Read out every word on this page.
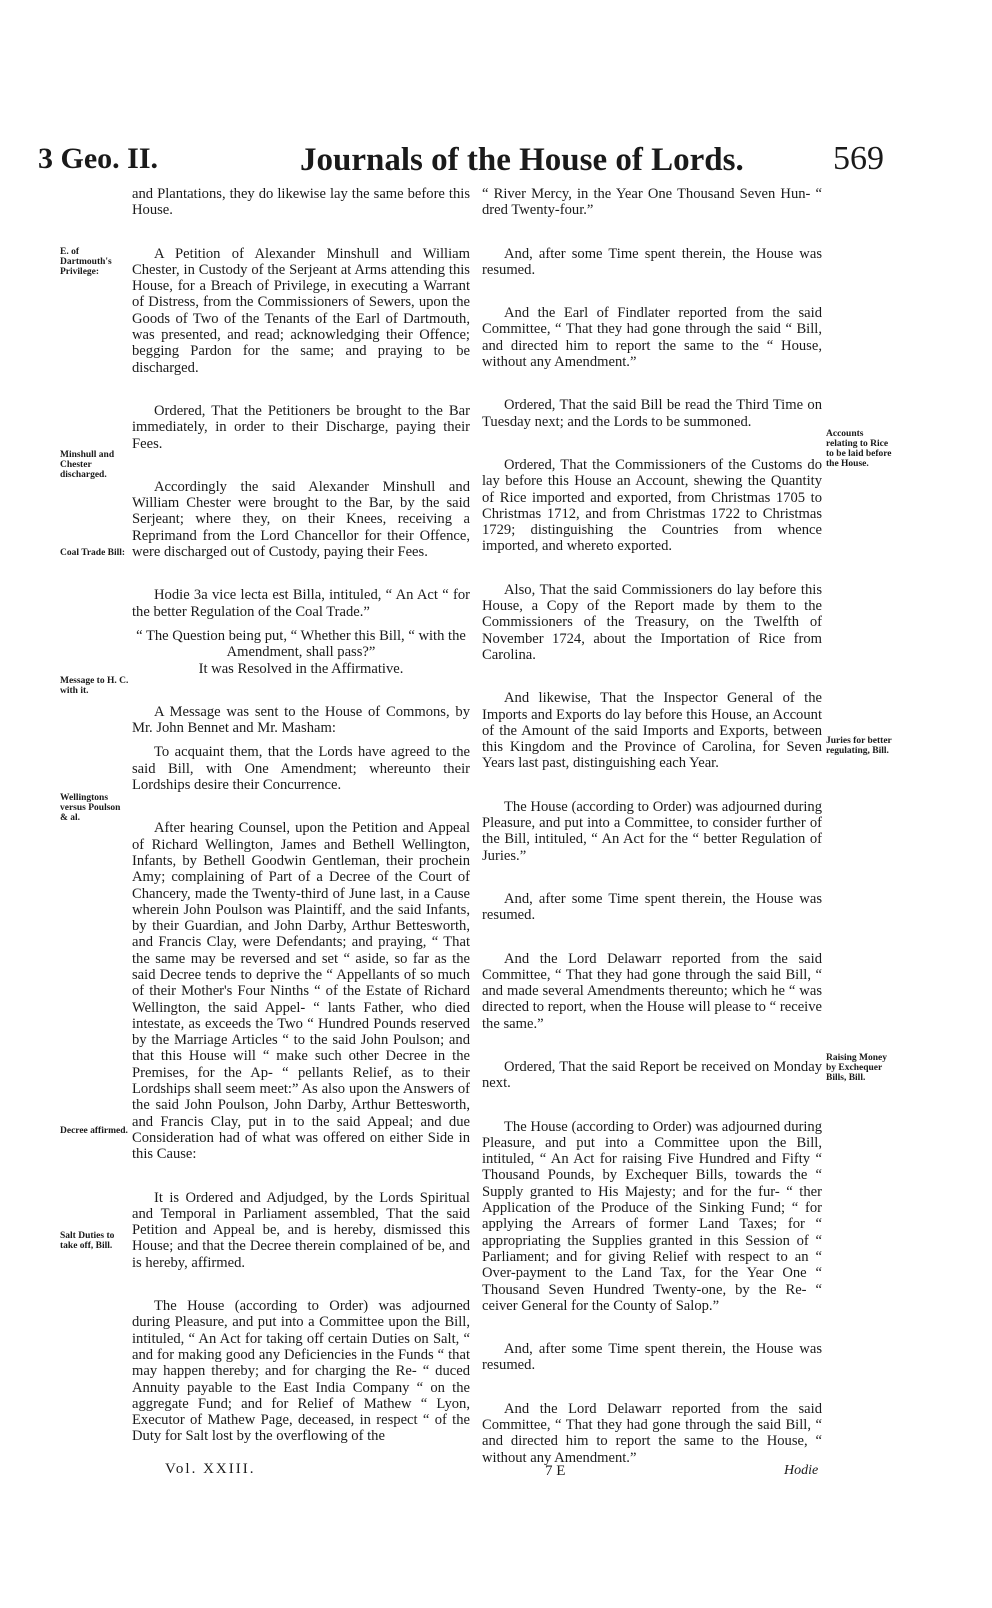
3 Geo. II.	Journals of the House of Lords.	569
E. of Dartmouth's Privilege:
Minshull and Chester discharged.
Coal Trade Bill:
Message to H. C. with it.
Wellingtons versus Poulson & al.
Decree affirmed.
Salt Duties to take off, Bill.
Accounts relating to Rice to be laid before the House.
Juries for better regulating, Bill.
Raising Money by Exchequer Bills, Bill.

and Plantations, they do likewise lay the same before this House.

A Petition of Alexander Minshull and William Chester, in Custody of the Serjeant at Arms attending this House, for a Breach of Privilege, in executing a Warrant of Distress, from the Commissioners of Sewers, upon the Goods of Two of the Tenants of the Earl of Dartmouth, was presented, and read; acknowledging their Offence; begging Pardon for the same; and praying to be discharged.

Ordered, That the Petitioners be brought to the Bar immediately, in order to their Discharge, paying their Fees.

Accordingly the said Alexander Minshull and William Chester were brought to the Bar, by the said Serjeant; where they, on their Knees, receiving a Reprimand from the Lord Chancellor for their Offence, were discharged out of Custody, paying their Fees.

Hodie 3a vice lecta est Billa, intituled, “ An Act “ for the better Regulation of the Coal Trade.”

“ The Question being put, “ Whether this Bill, “ with the Amendment, shall pass?”

It was Resolved in the Affirmative.

A Message was sent to the House of Commons, by Mr. John Bennet and Mr. Masham:

To acquaint them, that the Lords have agreed to the said Bill, with One Amendment; whereunto their Lordships desire their Concurrence.

After hearing Counsel, upon the Petition and Appeal of Richard Wellington, James and Bethell Wellington, Infants, by Bethell Goodwin Gentleman, their prochein Amy; complaining of Part of a Decree of the Court of Chancery, made the Twenty-third of June last, in a Cause wherein John Poulson was Plaintiff, and the said Infants, by their Guardian, and John Darby, Arthur Bettesworth, and Francis Clay, were Defendants; and praying, “ That the same may be reversed and set “ aside, so far as the said Decree tends to deprive the “ Appellants of so much of their Mother's Four Ninths “ of the Estate of Richard Wellington, the said Appel- “ lants Father, who died intestate, as exceeds the Two “ Hundred Pounds reserved by the Marriage Articles “ to the said John Poulson; and that this House will “ make such other Decree in the Premises, for the Ap- “ pellants Relief, as to their Lordships shall seem meet:” As also upon the Answers of the said John Poulson, John Darby, Arthur Bettesworth, and Francis Clay, put in to the said Appeal; and due Consideration had of what was offered on either Side in this Cause:

It is Ordered and Adjudged, by the Lords Spiritual and Temporal in Parliament assembled, That the said Petition and Appeal be, and is hereby, dismissed this House; and that the Decree therein complained of be, and is hereby, affirmed.

The House (according to Order) was adjourned during Pleasure, and put into a Committee upon the Bill, intituled, “ An Act for taking off certain Duties on Salt, “ and for making good any Deficiencies in the Funds “ that may happen thereby; and for charging the Re- “ duced Annuity payable to the East India Company “ on the aggregate Fund; and for Relief of Mathew “ Lyon, Executor of Mathew Page, deceased, in respect “ of the Duty for Salt lost by the overflowing of the

“ River Mercy, in the Year One Thousand Seven Hun- “ dred Twenty-four.”

And, after some Time spent therein, the House was resumed.

And the Earl of Findlater reported from the said Committee, “ That they had gone through the said “ Bill, and directed him to report the same to the “ House, without any Amendment.”

Ordered, That the said Bill be read the Third Time on Tuesday next; and the Lords to be summoned.

Ordered, That the Commissioners of the Customs do lay before this House an Account, shewing the Quantity of Rice imported and exported, from Christmas 1705 to Christmas 1712, and from Christmas 1722 to Christmas 1729; distinguishing the Countries from whence imported, and whereto exported.

Also, That the said Commissioners do lay before this House, a Copy of the Report made by them to the Commissioners of the Treasury, on the Twelfth of November 1724, about the Importation of Rice from Carolina.

And likewise, That the Inspector General of the Imports and Exports do lay before this House, an Account of the Amount of the said Imports and Exports, between this Kingdom and the Province of Carolina, for Seven Years last past, distinguishing each Year.

The House (according to Order) was adjourned during Pleasure, and put into a Committee, to consider further of the Bill, intituled, “ An Act for the “ better Regulation of Juries.”

And, after some Time spent therein, the House was resumed.

And the Lord Delawarr reported from the said Committee, “ That they had gone through the said Bill, “ and made several Amendments thereunto; which he “ was directed to report, when the House will please to “ receive the same.”

Ordered, That the said Report be received on Monday next.

The House (according to Order) was adjourned during Pleasure, and put into a Committee upon the Bill, intituled, “ An Act for raising Five Hundred and Fifty “ Thousand Pounds, by Exchequer Bills, towards the “ Supply granted to His Majesty; and for the fur- “ ther Application of the Produce of the Sinking Fund; “ for applying the Arrears of former Land Taxes; for “ appropriating the Supplies granted in this Session of “ Parliament; and for giving Relief with respect to an “ Over-payment to the Land Tax, for the Year One “ Thousand Seven Hundred Twenty-one, by the Re- “ ceiver General for the County of Salop.”

And, after some Time spent therein, the House was resumed.

And the Lord Delawarr reported from the said Committee, “ That they had gone through the said Bill, “ and directed him to report the same to the House, “ without any Amendment.”

Vol. XXIII.	7 E	Hodie
